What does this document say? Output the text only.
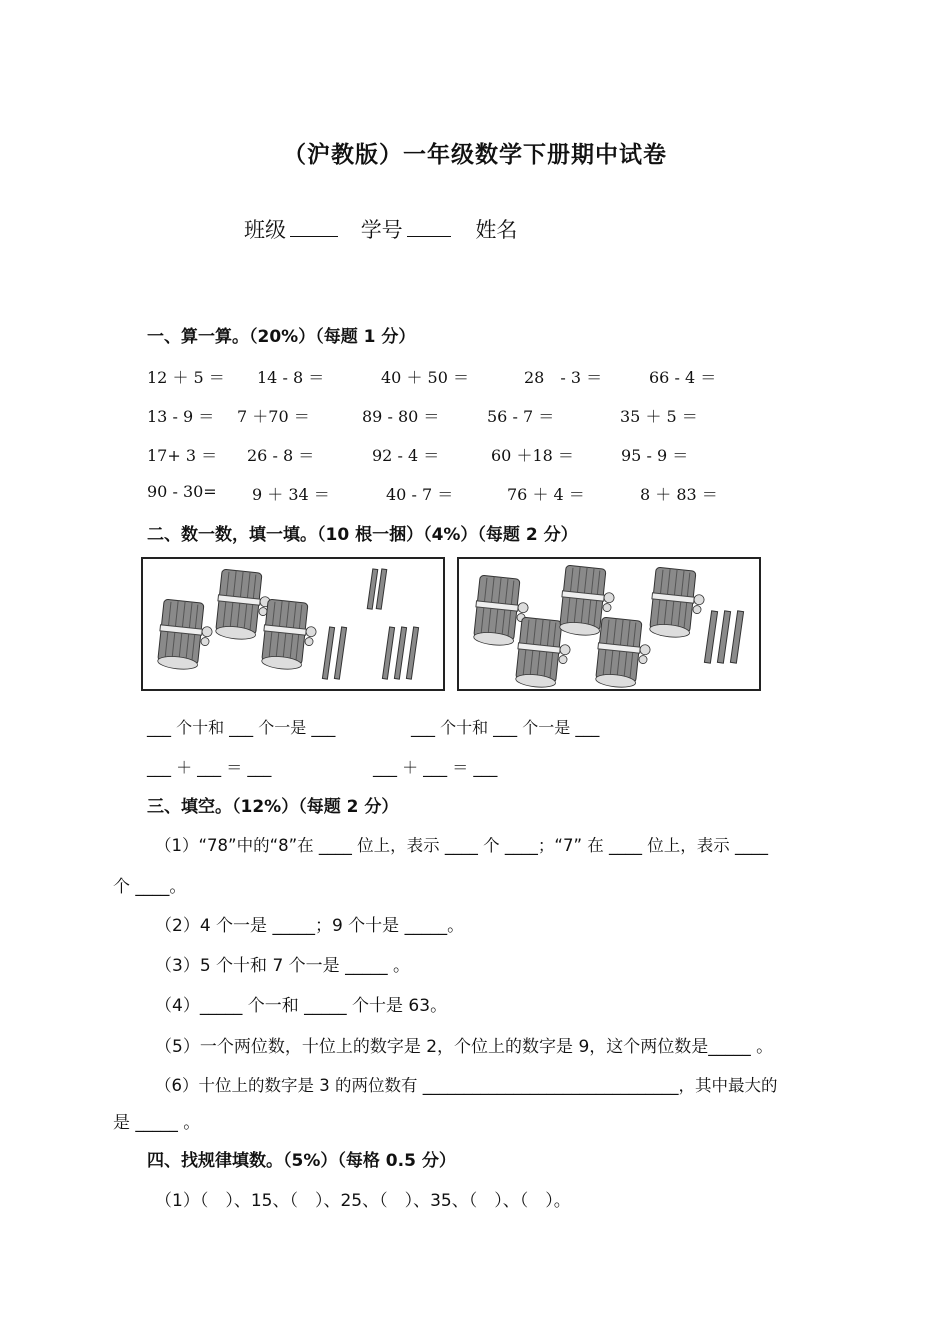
（沪教版）一年级数学下册期中试卷
班级	学号	姓名
一、算一算。（20%）（每题 1 分）
12 ＋ 5 ＝ 14 - 8 ＝	40 ＋ 50 ＝	28　- 3 ＝	66 - 4 ＝
13 - 9 ＝ 7 ＋70 ＝	89 - 80 ＝	56 - 7 ＝	35 ＋ 5 ＝
17+ 3 ＝ 26 - 8 ＝	92 - 4 ＝	60 ＋18 ＝	95 - 9 ＝
90 - 30= 9 ＋ 34 ＝	40 - 7 ＝	76 ＋ 4 ＝	8 ＋ 83 ＝
二、数一数，填一填。（10 根一捆）（4%）（每题 2 分）
___ 个十和 ___ 个一是 ___	___ 个十和 ___ 个一是 ___
___ ＋ ___ ＝ ___	___ ＋ ___ ＝ ___
三、填空。（12%）（每题 2 分）
（1）“78”中的“8”在 ____ 位上，表示 ____ 个 ____；“7” 在 ____ 位上，表示 ____
个 ____。
（2）4 个一是 _____；9 个十是 _____。
（3）5 个十和 7 个一是 _____ 。
（4）_____ 个一和 _____ 个十是 63。
（5）一个两位数，十位上的数字是 2，个位上的数字是 9，这个两位数是_____ 。
（6）十位上的数字是 3 的两位数有 _______________________________，其中最大的
是 _____ 。
四、找规律填数。（5%）（每格 0.5 分）
（1）（　）、15、（　）、25、（　）、35、（　）、（　）。
